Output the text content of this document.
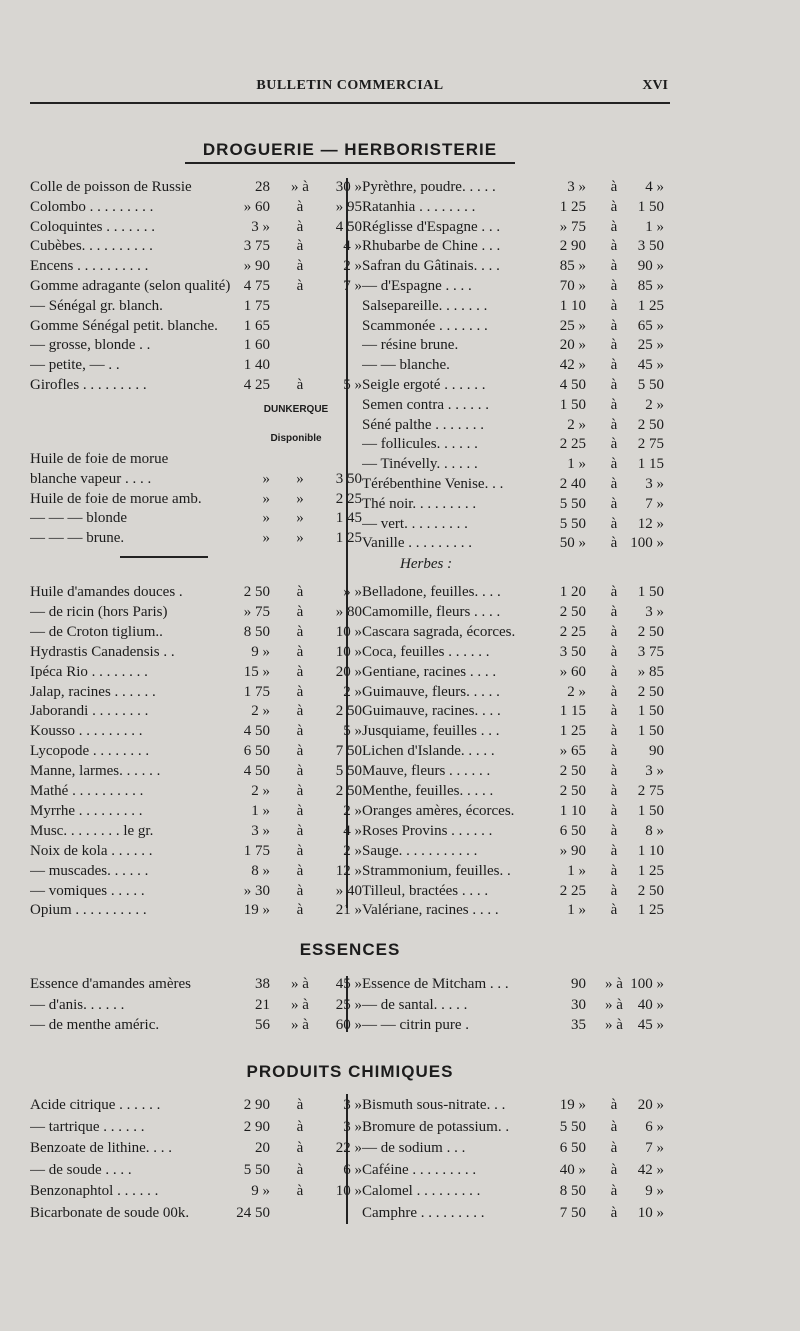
BULLETIN COMMERCIAL	XVI
DROGUERIE — HERBORISTERIE
DUNKERQUE
Disponible
Herbes :
ESSENCES
PRODUITS CHIMIQUES
Colle de poisson de Russie	28	» à	30 »
Colombo . . . . . . . . .	» 60	à	» 95
Coloquintes . . . . . . .	3 »	à	4 50
Cubèbes. . . . . . . . . .	3 75	à	4 »
Encens . . . . . . . . . .	» 90	à	2 »
Gomme adragante (selon qualité) 4 75	à	7 »
— Sénégal gr. blanch.	1 75
Gomme Sénégal petit. blanche.	1 65
— grosse, blonde . .	1 60
— petite, — . .	1 40
Girofles . . . . . . . . .	4 25	à	5 »
Huile de foie de morue
blanche vapeur . . . .	»	»	3 50
Huile de foie de morue amb.	»	»	2 25
— — — blonde	»	»	1 45
— — — brune.	»	»	1 25
Huile d'amandes douces .	2 50	à	» »
— de ricin (hors Paris)	» 75	à	» 80
— de Croton tiglium..	8 50	à	10 »
Hydrastis Canadensis . .	9 »	à	10 »
Ipéca Rio . . . . . . . .	15 »	à	20 »
Jalap, racines . . . . . .	1 75	à	2 »
Jaborandi . . . . . . . .	2 »	à	2 50
Kousso . . . . . . . . .	4 50	à	5 »
Lycopode . . . . . . . .	6 50	à	7 50
Manne, larmes. . . . . .	4 50	à	5 50
Mathé . . . . . . . . . .	2 »	à	2 50
Myrrhe . . . . . . . . .	1 »	à	2 »
Musc. . . . . . . . le gr.	3 »	à	4 »
Noix de kola . . . . . .	1 75	à	2 »
— muscades. . . . . .	8 »	à	12 »
— vomiques . . . . .	» 30	à	» 40
Opium . . . . . . . . . .	19 »	à	21 »
Pyrèthre, poudre. . . . .	3 »	à	4 »
Ratanhia . . . . . . . .	1 25	à	1 50
Réglisse d'Espagne . . .	» 75	à	1 »
Rhubarbe de Chine . . .	2 90	à	3 50
Safran du Gâtinais. . . .	85 »	à	90 »
— d'Espagne . . . .	70 »	à	85 »
Salsepareille. . . . . . .	1 10	à	1 25
Scammonée . . . . . . .	25 »	à	65 »
— résine brune.	20 »	à	25 »
— — blanche.	42 »	à	45 »
Seigle ergoté . . . . . .	4 50	à	5 50
Semen contra . . . . . .	1 50	à	2 »
Séné palthe . . . . . . .	2 »	à	2 50
— follicules. . . . . .	2 25	à	2 75
— Tinévelly. . . . . .	1 »	à	1 15
Térébenthine Venise. . .	2 40	à	3 »
Thé noir. . . . . . . . .	5 50	à	7 »
— vert. . . . . . . . .	5 50	à	12 »
Vanille . . . . . . . . .	50 »	à 100 »
Belladone, feuilles. . . .	1 20	à	1 50
Camomille, fleurs . . . .	2 50	à	3 »
Cascara sagrada, écorces.	2 25	à	2 50
Coca, feuilles . . . . . .	3 50	à	3 75
Gentiane, racines . . . .	» 60	à	» 85
Guimauve, fleurs. . . . .	2 »	à	2 50
Guimauve, racines. . . .	1 15	à	1 50
Jusquiame, feuilles . . .	1 25	à	1 50
Lichen d'Islande. . . . .	» 65	à	90
Mauve, fleurs . . . . . .	2 50	à	3 »
Menthe, feuilles. . . . .	2 50	à	2 75
Oranges amères, écorces.	1 10	à	1 50
Roses Provins . . . . . .	6 50	à	8 »
Sauge. . . . . . . . . . .	» 90	à	1 10
Strammonium, feuilles. .	1 »	à	1 25
Tilleul, bractées . . . .	2 25	à	2 50
Valériane, racines . . . .	1 »	à	1 25
Essence d'amandes amères	38	» à	45 »
— d'anis. . . . . .	21	» à	25 »
— de menthe améric.	56	» à	60 »
Essence de Mitcham . . .	90	» à 100 »
— de santal. . . . .	30	» à 40 »
— — citrin pure .	35	» à 45 »
Acide citrique . . . . . .	2 90	à	3 »
— tartrique . . . . . .	2 90	à	3 »
Benzoate de lithine. . . .	20	à	22 »
— de soude . . . .	5 50	à	6 »
Benzonaphtol . . . . . .	9 »	à	10 »
Bicarbonate de soude 00k.	24 50
Bismuth sous-nitrate. . .	19 »	à	20 »
Bromure de potassium. .	5 50	à	6 »
— de sodium . . .	6 50	à	7 »
Caféine . . . . . . . . .	40 »	à	42 »
Calomel . . . . . . . . .	8 50	à	9 »
Camphre . . . . . . . . .	7 50	à	10 »
